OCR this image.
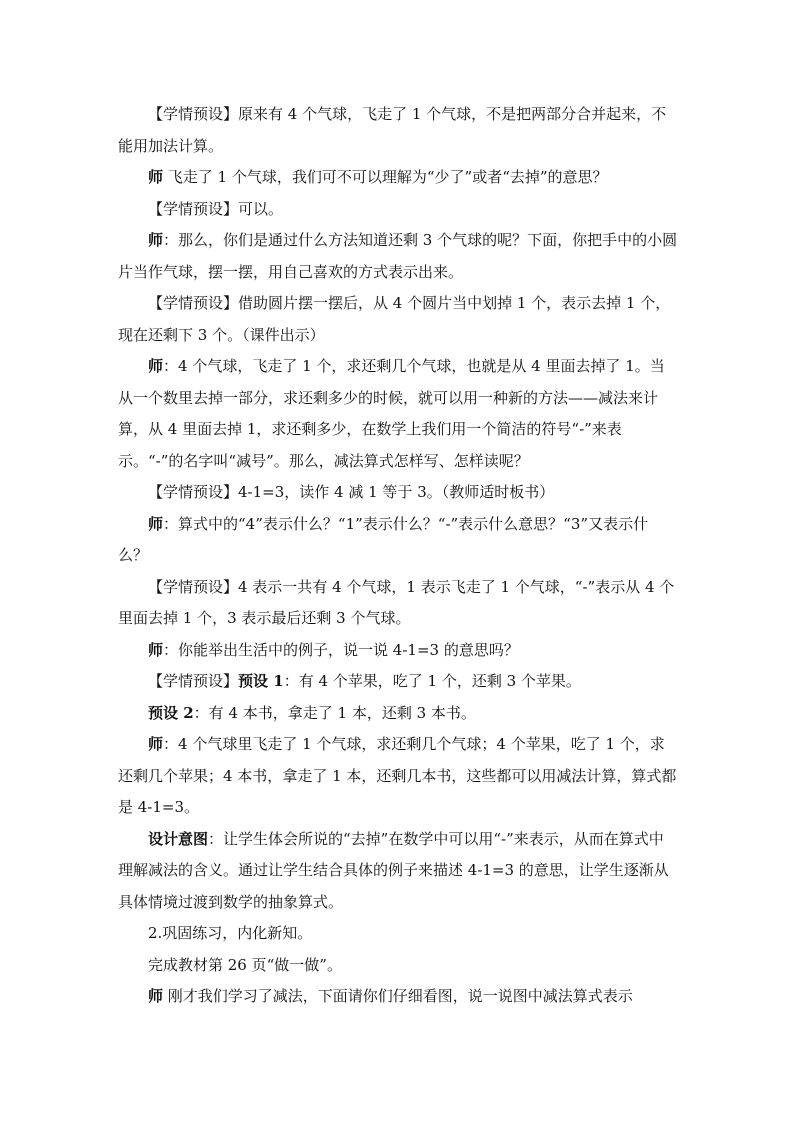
【学情预设】原来有 4 个气球，飞走了 1 个气球，不是把两部分合并起来，不能用加法计算。

师 飞走了 1 个气球，我们可不可以理解为“少了”或者“去掉”的意思？

【学情预设】可以。

师：那么，你们是通过什么方法知道还剩 3 个气球的呢？下面，你把手中的小圆片当作气球，摆一摆，用自己喜欢的方式表示出来。

【学情预设】借助圆片摆一摆后，从 4 个圆片当中划掉 1 个，表示去掉 1 个，现在还剩下 3 个。（课件出示）

师：4 个气球，飞走了 1 个，求还剩几个气球，也就是从 4 里面去掉了 1。当从一个数里去掉一部分，求还剩多少的时候，就可以用一种新的方法——减法来计算，从 4 里面去掉 1，求还剩多少，在数学上我们用一个简洁的符号“-”来表示。“-”的名字叫“减号”。那么，减法算式怎样写、怎样读呢？

【学情预设】4-1=3，读作 4 减 1 等于 3。（教师适时板书）

师：算式中的“4”表示什么？“1”表示什么？“-”表示什么意思？“3”又表示什么？

【学情预设】4 表示一共有 4 个气球，1 表示飞走了 1 个气球，“-”表示从 4 个里面去掉 1 个，3 表示最后还剩 3 个气球。

师：你能举出生活中的例子，说一说 4-1=3 的意思吗？

【学情预设】预设 1：有 4 个苹果，吃了 1 个，还剩 3 个苹果。

预设 2：有 4 本书，拿走了 1 本，还剩 3 本书。

师：4 个气球里飞走了 1 个气球，求还剩几个气球；4 个苹果，吃了 1 个，求还剩几个苹果；4 本书，拿走了 1 本，还剩几本书，这些都可以用减法计算，算式都是 4-1=3。

设计意图：让学生体会所说的“去掉”在数学中可以用“-”来表示，从而在算式中理解减法的含义。通过让学生结合具体的例子来描述 4-1=3 的意思，让学生逐渐从具体情境过渡到数学的抽象算式。

2.巩固练习，内化新知。

完成教材第 26 页“做一做”。

师 刚才我们学习了减法，下面请你们仔细看图，说一说图中减法算式表示
